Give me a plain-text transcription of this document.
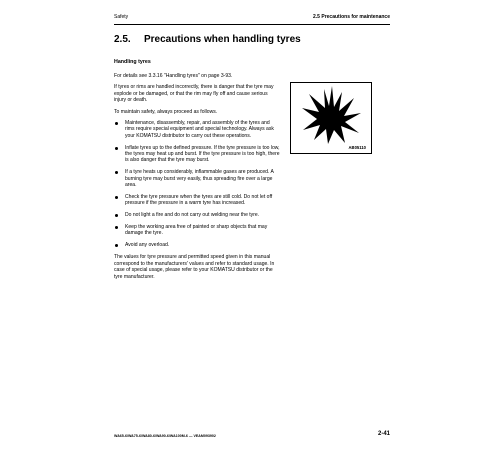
Safety	2.5 Precautions for maintenance
2.5. Precautions when handling tyres
Handling tyres

For details see 3.3.16 "Handling tyres" on page 3-93.

If tyres or rims are handled incorrectly, there is danger that the tyre may explode or be damaged, or that the rim may fly off and cause serious injury or death.

To maintain safety, always proceed as follows.

Maintenance, disassembly, repair, and assembly of the tyres and rims require special equipment and special technology. Always ask your KOMATSU distributor to carry out these operations.
Inflate tyres up to the defined pressure. If the tyre pressure is too low, the tyres may heat up and burst. If the tyre pressure is too high, there is also danger that the tyre may burst.
If a tyre heats up considerably, inflammable gases are produced. A burning tyre may burst very easily, thus spreading fire over a large area.
Check the tyre pressure when the tyres are still cold. Do not let off pressure if the pressure in a warm tyre has increased.
Do not light a fire and do not carry out welding near the tyre.
Keep the working area free of painted or sharp objects that may damage the tyre.
Avoid any overload.

The values for tyre pressure and permitted speed given in this manual correspond to the manufacturers' values and refer to standard usage. In case of special usage, please refer to your KOMATSU distributor or the tyre manufacturer.

AB05110
WA65-6/WA75-6/WA80-6/WA90-6/WA100M-6 — VEAM093902	2-41
